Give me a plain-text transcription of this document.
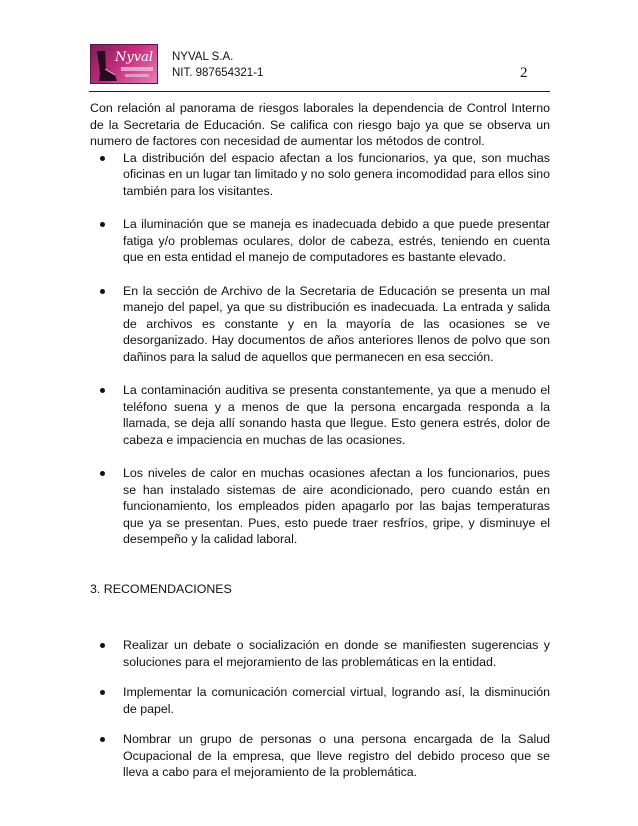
Nyval NYVAL S.A.
NIT. 987654321-1	2

Con relación al panorama de riesgos laborales la dependencia de Control Interno de la Secretaria de Educación. Se califica con riesgo bajo ya que se observa un numero de factores con necesidad de aumentar los métodos de control.

La distribución del espacio afectan a los funcionarios, ya que, son muchas oficinas en un lugar tan limitado y no solo genera incomodidad para ellos sino también para los visitantes.
La iluminación que se maneja es inadecuada debido a que puede presentar fatiga y/o problemas oculares, dolor de cabeza, estrés, teniendo en cuenta que en esta entidad el manejo de computadores es bastante elevado.
En la sección de Archivo de la Secretaria de Educación se presenta un mal manejo del papel, ya que su distribución es inadecuada. La entrada y salida de archivos es constante y en la mayoría de las ocasiones se ve desorganizado. Hay documentos de años anteriores llenos de polvo que son dañinos para la salud de aquellos que permanecen en esa sección.
La contaminación auditiva se presenta constantemente, ya que a menudo el teléfono suena y a menos de que la persona encargada responda a la llamada, se deja allí sonando hasta que llegue. Esto genera estrés, dolor de cabeza e impaciencia en muchas de las ocasiones.
Los niveles de calor en muchas ocasiones afectan a los funcionarios, pues se han instalado sistemas de aire acondicionado, pero cuando están en funcionamiento, los empleados piden apagarlo por las bajas temperaturas que ya se presentan. Pues, esto puede traer resfríos, gripe, y disminuye el desempeño y la calidad laboral.
3. RECOMENDACIONES
Realizar un debate o socialización en donde se manifiesten sugerencias y soluciones para el mejoramiento de las problemáticas en la entidad.
Implementar la comunicación comercial virtual, logrando así, la disminución de papel.
Nombrar un grupo de personas o una persona encargada de la Salud Ocupacional de la empresa, que lleve registro del debido proceso que se lleva a cabo para el mejoramiento de la problemática.
